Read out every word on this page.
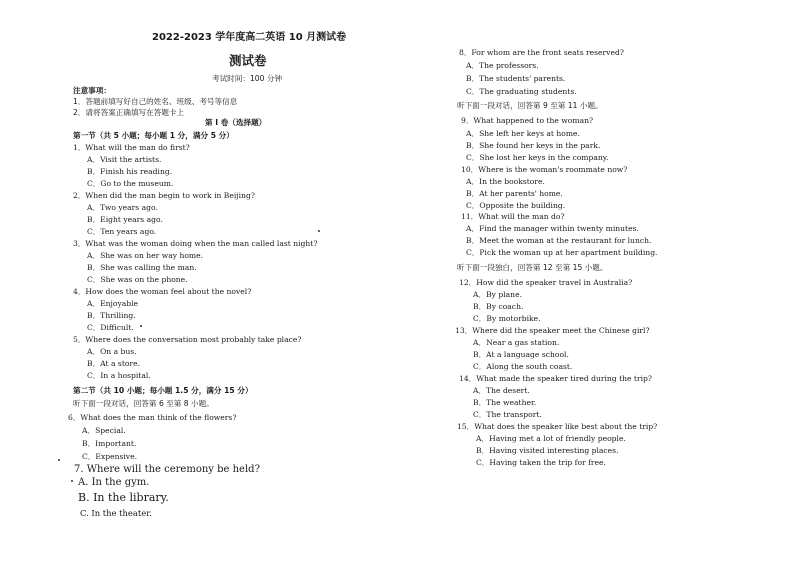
2022-2023 学年度高二英语 10 月测试卷
测试卷
考试时间：100 分钟
注意事项：
1．答题前填写好自己的姓名、班级、考号等信息
2．请将答案正确填写在答题卡上
第 I 卷（选择题）
第一节（共 5 小题；每小题 1 分，满分 5 分）
1．What will the man do first?
A．Visit the artists.
B．Finish his reading.
C．Go to the museum.
2．When did the man begin to work in Beijing?
A．Two years ago.
B．Eight years ago.
C．Ten years ago.
3．What was the woman doing when the man called last night?
A．She was on her way home.
B．She was calling the man.
C．She was on the phone.
4．How does the woman feel about the novel?
A．Enjoyable
B．Thrilling.
C．Difficult.
5．Where does the conversation most probably take place?
A．On a bus.
B．At a store.
C．In a hospital.
第二节（共 10 小题；每小题 1.5 分，满分 15 分）
听下面一段对话，回答第 6 至第 8 小题。
6．What does the man think of the flowers?
A．Special.
B．Important.
C．Expensive.
7. Where will the ceremony be held?
A. In the gym.
B. In the library.
C. In the theater.
8．For whom are the front seats reserved?
A．The professors.
B．The students' parents.
C．The graduating students.
听下面一段对话，回答第 9 至第 11 小题。
9．What happened to the woman?
A．She left her keys at home.
B．She found her keys in the park.
C．She lost her keys in the company.
10．Where is the woman's roommate now?
A．In the bookstore.
B．At her parents' home.
C．Opposite the building.
11．What will the man do?
A．Find the manager within twenty minutes.
B．Meet the woman at the restaurant for lunch.
C．Pick the woman up at her apartment building.
听下面一段独白，回答第 12 至第 15 小题。
12．How did the speaker travel in Australia?
A．By plane.
B．By coach.
C．By motorbike.
13．Where did the speaker meet the Chinese girl?
A．Near a gas station.
B．At a language school.
C．Along the south coast.
14．What made the speaker tired during the trip?
A．The desert.
B．The weather.
C．The transport.
15．What does the speaker like best about the trip?
A．Having met a lot of friendly people.
B．Having visited interesting places.
C．Having taken the trip for free.
